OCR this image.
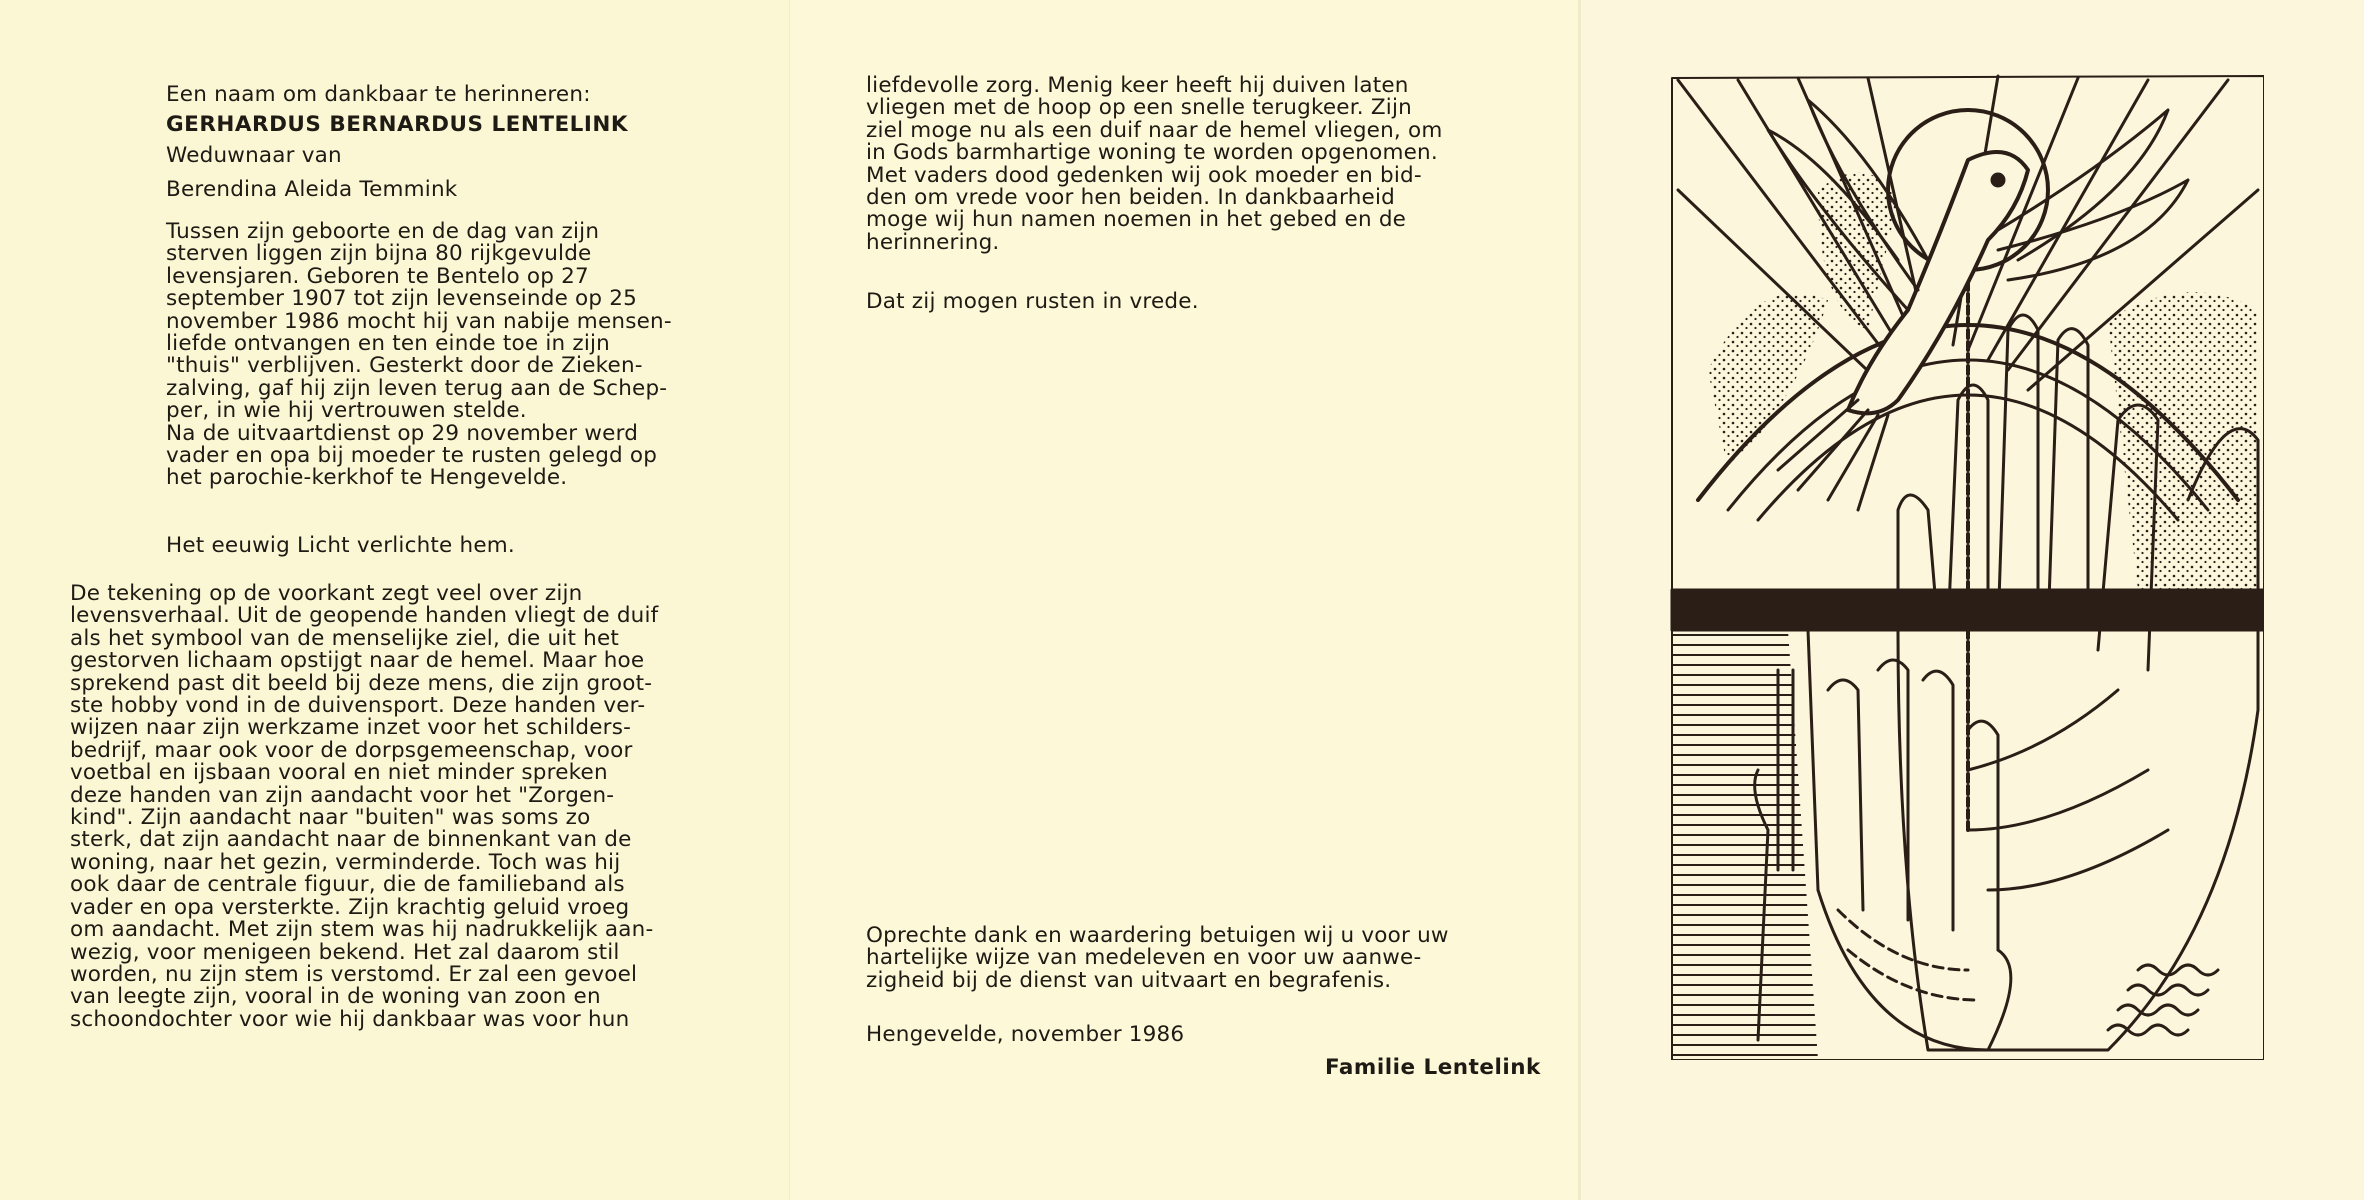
Een naam om dankbaar te herinneren:

GERHARDUS BERNARDUS LENTELINK

Weduwnaar van

Berendina Aleida Temmink

Tussen zijn geboorte en de dag van zijn
sterven liggen zijn bijna 80 rijkgevulde
levensjaren. Geboren te Bentelo op 27
september 1907 tot zijn levenseinde op 25
november 1986 mocht hij van nabije mensen-
liefde ontvangen en ten einde toe in zijn
"thuis" verblijven. Gesterkt door de Zieken-
zalving, gaf hij zijn leven terug aan de Schep-
per, in wie hij vertrouwen stelde.
Na de uitvaartdienst op 29 november werd
vader en opa bij moeder te rusten gelegd op
het parochie-kerkhof te Hengevelde.

Het eeuwig Licht verlichte hem.

De tekening op de voorkant zegt veel over zijn
levensverhaal. Uit de geopende handen vliegt de duif
als het symbool van de menselijke ziel, die uit het
gestorven lichaam opstijgt naar de hemel. Maar hoe
sprekend past dit beeld bij deze mens, die zijn groot-
ste hobby vond in de duivensport. Deze handen ver-
wijzen naar zijn werkzame inzet voor het schilders-
bedrijf, maar ook voor de dorpsgemeenschap, voor
voetbal en ijsbaan vooral en niet minder spreken
deze handen van zijn aandacht voor het "Zorgen-
kind". Zijn aandacht naar "buiten" was soms zo
sterk, dat zijn aandacht naar de binnenkant van de
woning, naar het gezin, verminderde. Toch was hij
ook daar de centrale figuur, die de familieband als
vader en opa versterkte. Zijn krachtig geluid vroeg
om aandacht. Met zijn stem was hij nadrukkelijk aan-
wezig, voor menigeen bekend. Het zal daarom stil
worden, nu zijn stem is verstomd. Er zal een gevoel
van leegte zijn, vooral in de woning van zoon en
schoondochter voor wie hij dankbaar was voor hun

liefdevolle zorg. Menig keer heeft hij duiven laten
vliegen met de hoop op een snelle terugkeer. Zijn
ziel moge nu als een duif naar de hemel vliegen, om
in Gods barmhartige woning te worden opgenomen.
Met vaders dood gedenken wij ook moeder en bid-
den om vrede voor hen beiden. In dankbaarheid
moge wij hun namen noemen in het gebed en de
herinnering.

Dat zij mogen rusten in vrede.

Oprechte dank en waardering betuigen wij u voor uw
hartelijke wijze van medeleven en voor uw aanwe-
zigheid bij de dienst van uitvaart en begrafenis.

Hengevelde, november 1986

Familie Lentelink
